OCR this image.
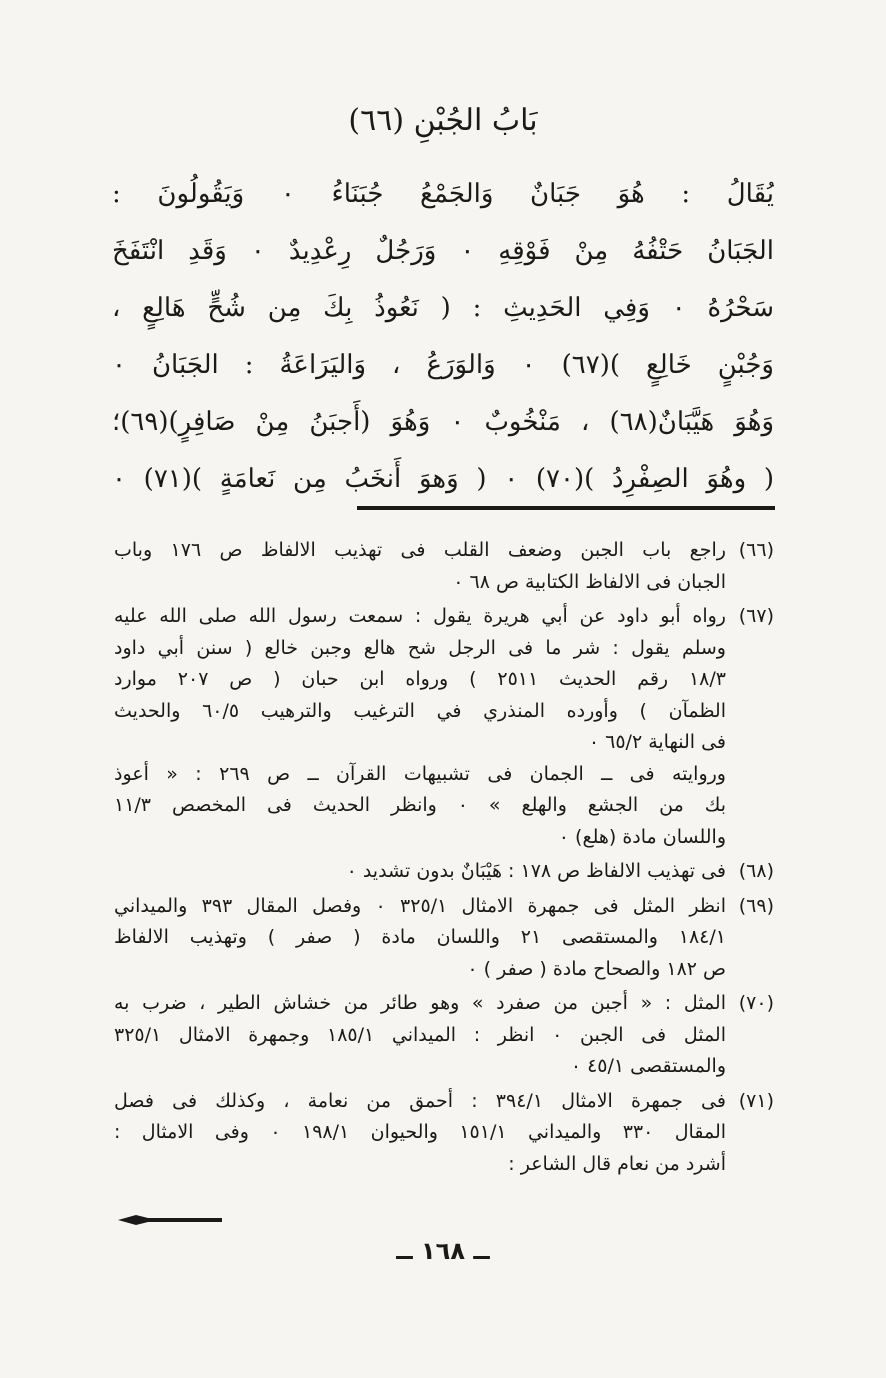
بَابُ الجُبْنِ (٦٦)
يُقَالُ : هُوَ جَبَانٌ وَالجَمْعُ جُبَنَاءُ ٠ وَيَقُولُونَ :
الجَبَانُ حَتْفُهُ مِنْ فَوْقِهِ ٠ وَرَجُلٌ رِعْدِيدٌ ٠ وَقَدِ انْتَفَخَ
سَحْرُهُ ٠ وَفِي الحَدِيثِ : ( نَعُوذُ بِكَ مِن شُحٍّ هَالِعٍ ،
وَجُبْنٍ خَالِعٍ )(٦٧) ٠ وَالوَرَعُ ، وَاليَرَاعَةُ : الجَبَانُ ٠
وَهُوَ هَيَّبَانٌ(٦٨) ، مَنْخُوبٌ ٠ وَهُوَ (أَجبَنُ مِنْ صَافِرٍ)(٦٩)؛
( وهُوَ الصِفْرِدُ )(٧٠) ٠ ( وَهوَ أَنخَبُ مِن نَعامَةٍ )(٧١) ٠
(٦٦)
راجع باب الجبن وضعف القلب فى تهذيب الالفاظ ص ١٧٦ وباب
الجبان فى الالفاظ الكتابية ص ٦٨ ٠
(٦٧)
رواه أبو داود عن أبي هريرة يقول : سمعت رسول الله صلى الله عليه
وسلم يقول : شر ما فى الرجل شح هالع وجبن خالع ( سنن أبي داود
١٨/٣ رقم الحديث ٢٥١١ ) ورواه ابن حبان ( ص ٢٠٧ موارد
الظمآن ) وأورده المنذري في الترغيب والترهيب ٦٠/٥ والحديث
فى النهاية ٦٥/٢ ٠
وروايته فى ــ الجمان فى تشبيهات القرآن ــ ص ٢٦٩ : « أعوذ
بك من الجشع والهلع » ٠ وانظر الحديث فى المخصص ١١/٣
واللسان مادة (هلع) ٠
(٦٨)
فى تهذيب الالفاظ ص ١٧٨ : هَيْبَانٌ بدون تشديد ٠
(٦٩)
انظر المثل فى جمهرة الامثال ٣٢٥/١ ٠ وفصل المقال ٣٩٣ والميداني
١٨٤/١ والمستقصى ٢١ واللسان مادة ( صفر ) وتهذيب الالفاظ
ص ١٨٢ والصحاح مادة ( صفر ) ٠
(٧٠)
المثل : « أجبن من صفرد » وهو طائر من خشاش الطير ، ضرب به
المثل فى الجبن ٠ انظر : الميداني ١٨٥/١ وجمهرة الامثال ٣٢٥/١
والمستقصى ٤٥/١ ٠
(٧١)
فى جمهرة الامثال ٣٩٤/١ : أحمق من نعامة ، وكذلك فى فصل
المقال ٣٣٠ والميداني ١٥١/١ والحيوان ١٩٨/١ ٠ وفى الامثال :
أشرد من نعام قال الشاعر :
ــ ١٦٨ ــ
